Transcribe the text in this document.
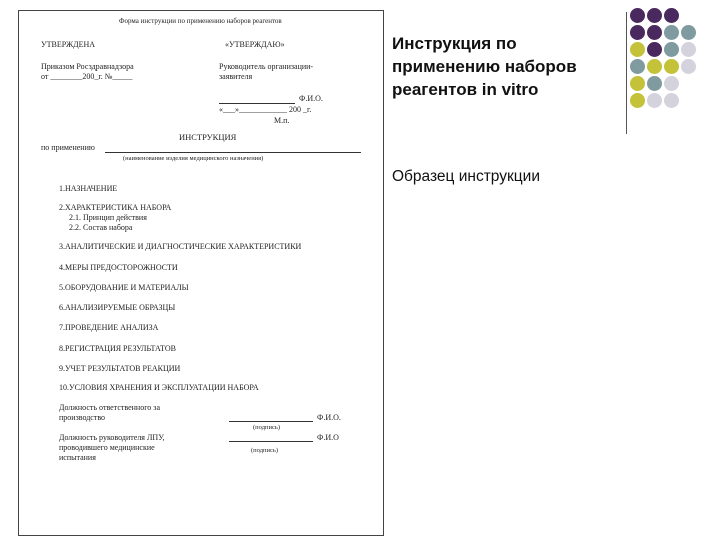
Форма инструкции по применению наборов реагентов
УТВЕРЖДЕНА	«УТВЕРЖДАЮ»
Приказом Росздравнадзора
от ________200_г. №_____
Руководитель организации-
заявителя
Ф.И.О.
«___»____________ 200 _г.
М.п.
ИНСТРУКЦИЯ
по применению
(наименование изделия медицинского назначения)
1.НАЗНАЧЕНИЕ
2.ХАРАКТЕРИСТИКА НАБОРА
2.1. Принцип действия
2.2. Состав набора
3.АНАЛИТИЧЕСКИЕ И ДИАГНОСТИЧЕСКИЕ ХАРАКТЕРИСТИКИ
4.МЕРЫ ПРЕДОСТОРОЖНОСТИ
5.ОБОРУДОВАНИЕ И МАТЕРИАЛЫ
6.АНАЛИЗИРУЕМЫЕ ОБРАЗЦЫ
7.ПРОВЕДЕНИЕ АНАЛИЗА
8.РЕГИСТРАЦИЯ РЕЗУЛЬТАТОВ
9.УЧЕТ РЕЗУЛЬТАТОВ РЕАКЦИИ
10.УСЛОВИЯ ХРАНЕНИЯ И ЭКСПЛУАТАЦИИ НАБОРА
Должность ответственного за
производство	Ф.И.О.
(подпись)
Должность руководителя ЛПУ,
проводившего медицинские
испытания
Ф.И.О
(подпись)
Инструкция по
применению наборов
реагентов in vitro
Образец инструкции
